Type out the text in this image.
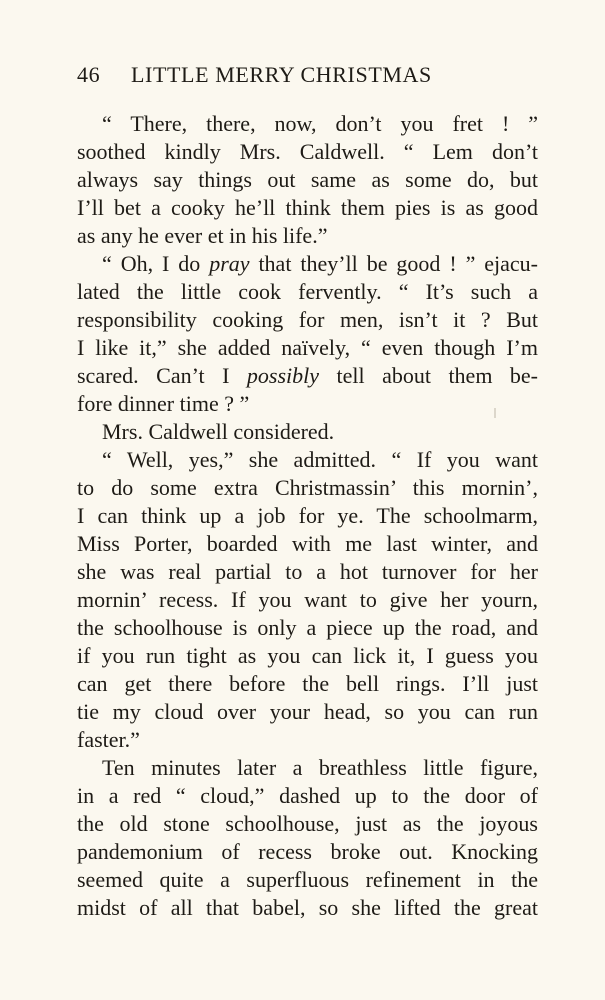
46 LITTLE MERRY CHRISTMAS
“ There, there, now, don’t you fret ! ”
soothed kindly Mrs. Caldwell. “ Lem don’t
always say things out same as some do, but
I’ll bet a cooky he’ll think them pies is as good
as any he ever et in his life.”
“ Oh, I do pray that they’ll be good ! ” ejacu-
lated the little cook fervently. “ It’s such a
responsibility cooking for men, isn’t it ? But
I like it,” she added naïvely, “ even though I’m
scared. Can’t I possibly tell about them be-
fore dinner time ? ”
Mrs. Caldwell considered.
“ Well, yes,” she admitted. “ If you want
to do some extra Christmassin’ this mornin’,
I can think up a job for ye. The schoolmarm,
Miss Porter, boarded with me last winter, and
she was real partial to a hot turnover for her
mornin’ recess. If you want to give her yourn,
the schoolhouse is only a piece up the road, and
if you run tight as you can lick it, I guess you
can get there before the bell rings. I’ll just
tie my cloud over your head, so you can run
faster.”
Ten minutes later a breathless little figure,
in a red “ cloud,” dashed up to the door of
the old stone schoolhouse, just as the joyous
pandemonium of recess broke out. Knocking
seemed quite a superfluous refinement in the
midst of all that babel, so she lifted the great
